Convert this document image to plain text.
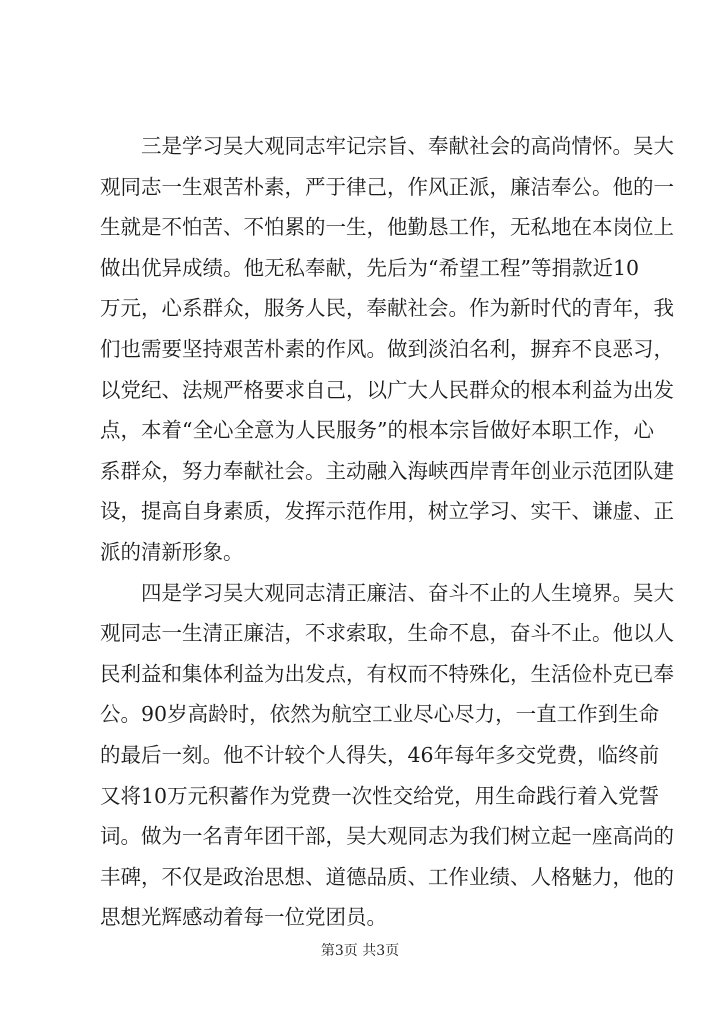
三是学习吴大观同志牢记宗旨、奉献社会的高尚情怀。吴大
观同志一生艰苦朴素，严于律己，作风正派，廉洁奉公。他的一
生就是不怕苦、不怕累的一生，他勤恳工作，无私地在本岗位上
做出优异成绩。他无私奉献，先后为“希望工程”等捐款近10
万元，心系群众，服务人民，奉献社会。作为新时代的青年，我
们也需要坚持艰苦朴素的作风。做到淡泊名利，摒弃不良恶习，
以党纪、法规严格要求自己，以广大人民群众的根本利益为出发
点，本着“全心全意为人民服务”的根本宗旨做好本职工作，心
系群众，努力奉献社会。主动融入海峡西岸青年创业示范团队建
设，提高自身素质，发挥示范作用，树立学习、实干、谦虚、正
派的清新形象。
四是学习吴大观同志清正廉洁、奋斗不止的人生境界。吴大
观同志一生清正廉洁，不求索取，生命不息，奋斗不止。他以人
民利益和集体利益为出发点，有权而不特殊化，生活俭朴克已奉
公。90岁高龄时，依然为航空工业尽心尽力，一直工作到生命
的最后一刻。他不计较个人得失，46年每年多交党费，临终前
又将10万元积蓄作为党费一次性交给党，用生命践行着入党誓
词。做为一名青年团干部，吴大观同志为我们树立起一座高尚的
丰碑，不仅是政治思想、道德品质、工作业绩、人格魅力，他的
思想光辉感动着每一位党团员。
第3页 共3页
